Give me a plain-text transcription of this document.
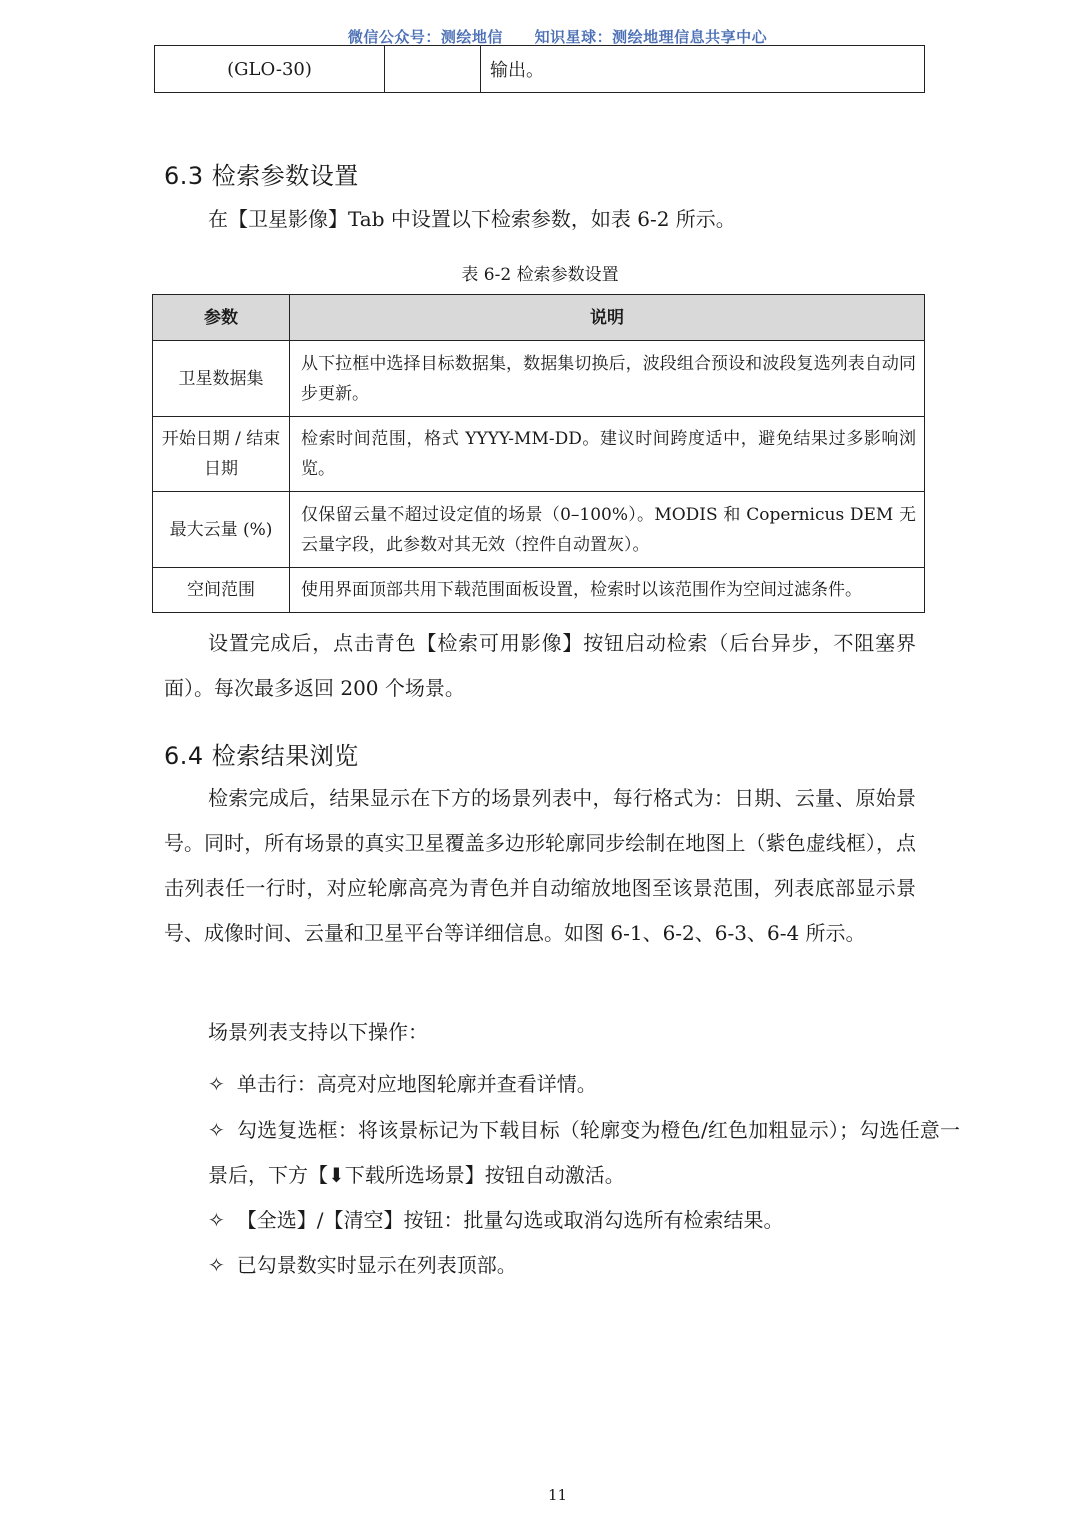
微信公众号：测绘地信 知识星球：测绘地理信息共享中心
(GLO-30)		输出。
6.3 检索参数设置

在【卫星影像】Tab 中设置以下检索参数，如表 6-2 所示。

表 6-2 检索参数设置
参数	说明
卫星数据集	从下拉框中选择目标数据集，数据集切换后，波段组合预设和波段复选列表自动同步更新。
开始日期 / 结束日期	检索时间范围，格式 YYYY-MM-DD。建议时间跨度适中，避免结果过多影响浏览。
最大云量 (%)	仅保留云量不超过设定值的场景（0–100%）。MODIS 和 Copernicus DEM 无云量字段，此参数对其无效（控件自动置灰）。
空间范围	使用界面顶部共用下载范围面板设置，检索时以该范围作为空间过滤条件。

设置完成后，点击青色【检索可用影像】按钮启动检索（后台异步，不阻塞界面）。每次最多返回 200 个场景。

6.4 检索结果浏览

检索完成后，结果显示在下方的场景列表中，每行格式为：日期、云量、原始景号。同时，所有场景的真实卫星覆盖多边形轮廓同步绘制在地图上（紫色虚线框），点击列表任一行时，对应轮廓高亮为青色并自动缩放地图至该景范围，列表底部显示景号、成像时间、云量和卫星平台等详细信息。如图 6-1、6-2、6-3、6-4 所示。

场景列表支持以下操作：

✧ 单击行：高亮对应地图轮廓并查看详情。

✧ 勾选复选框：将该景标记为下载目标（轮廓变为橙色/红色加粗显示）；勾选任意一景后，下方【⬇下载所选场景】按钮自动激活。

✧ 【全选】/【清空】按钮：批量勾选或取消勾选所有检索结果。

✧ 已勾景数实时显示在列表顶部。

11
